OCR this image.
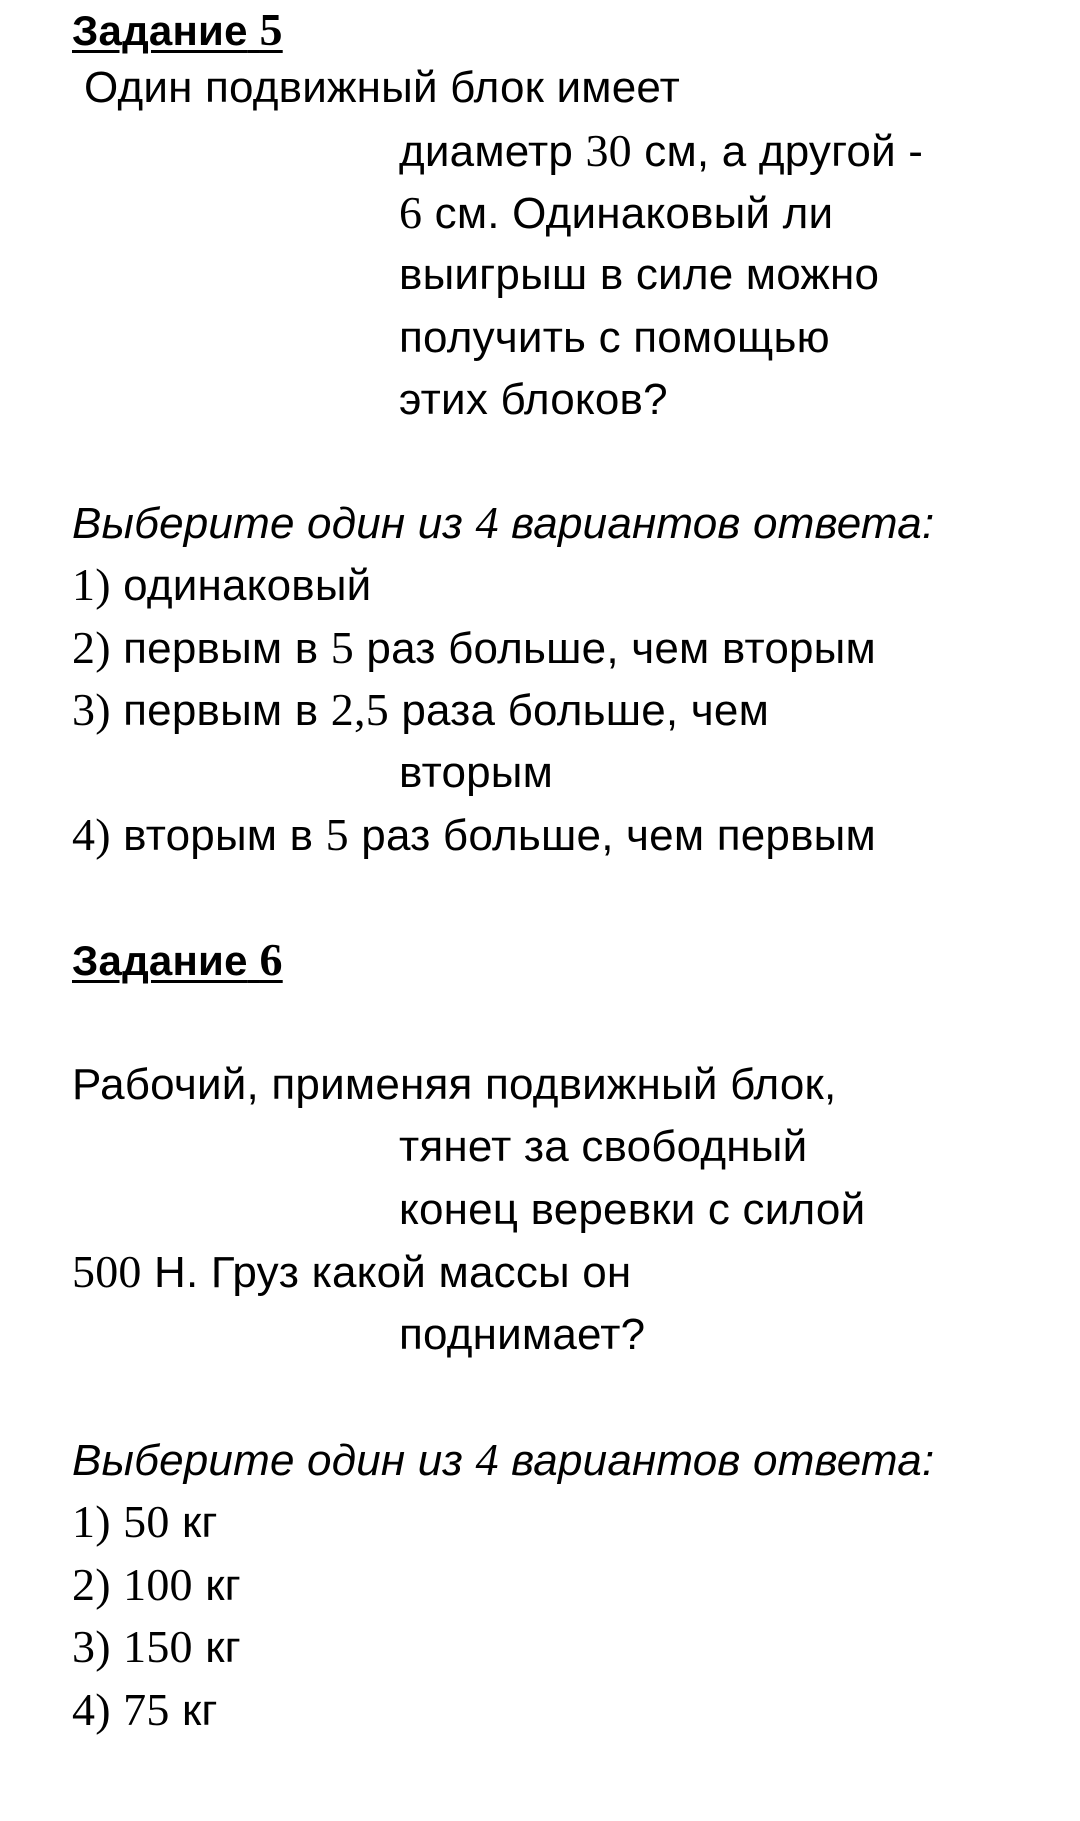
Задание 5
Один подвижный блок имеет
диаметр 30 см, а другой -
6 см. Одинаковый ли
выигрыш в силе можно
получить с помощью
этих блоков?
Выберите один из 4 вариантов ответа:
1) одинаковый
2) первым в 5 раз больше, чем вторым
3) первым в 2,5 раза больше, чем
вторым
4) вторым в 5 раз больше, чем первым
Задание 6
Рабочий, применяя подвижный блок,
тянет за свободный
конец веревки с силой
500 Н. Груз какой массы он
поднимает?
Выберите один из 4 вариантов ответа:
1) 50 кг
2) 100 кг
3) 150 кг
4) 75 кг
